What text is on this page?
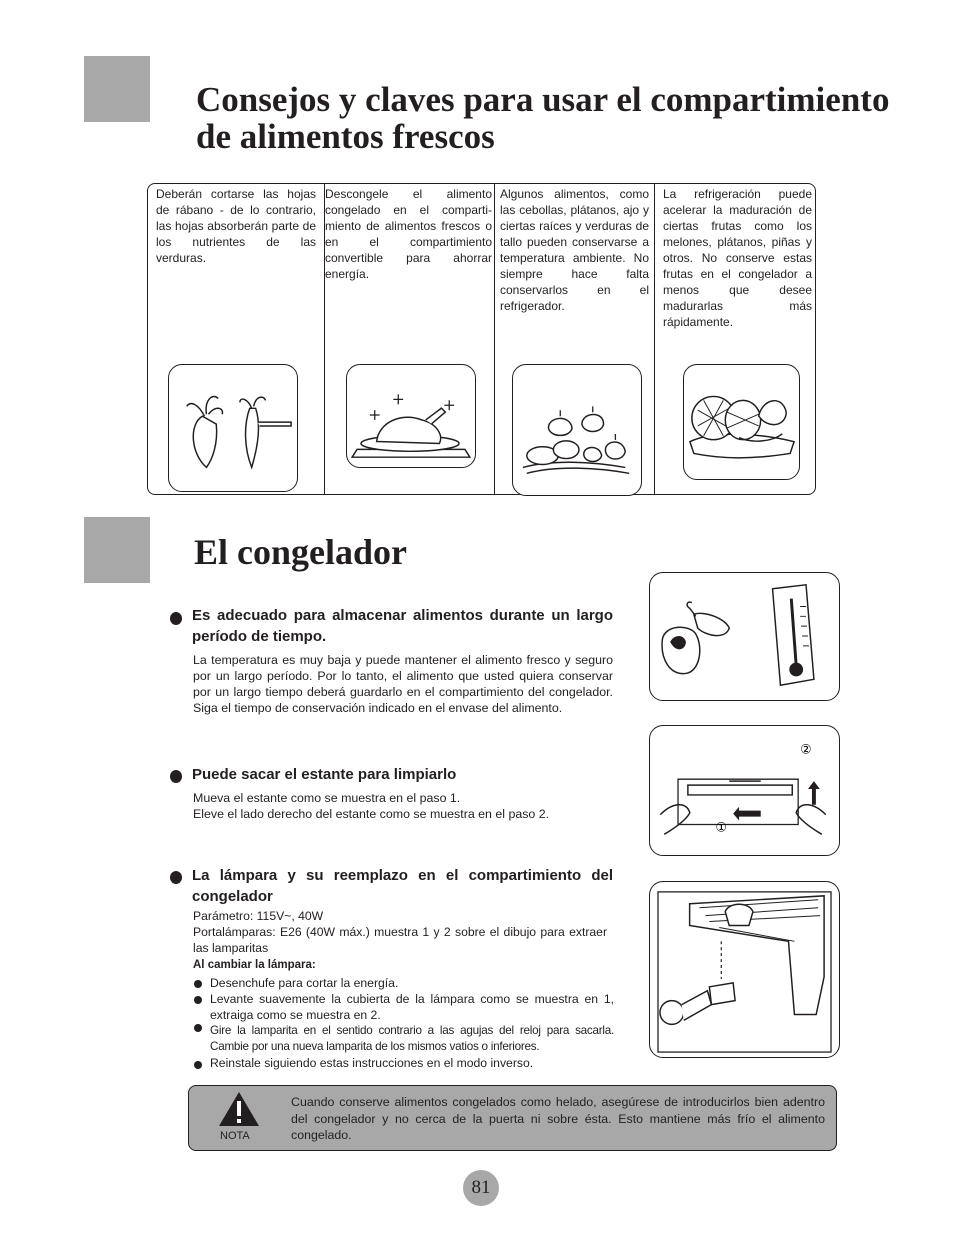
Consejos y claves para usar el compartimiento de alimentos frescos

Deberán cortarse las hojas de rábano - de lo contrario, las hojas absorberán parte de los nutrientes de las verduras.

Descongele el alimento congelado en el comparti-miento de alimentos frescos o en el compartimiento convertible para ahorrar energía.

Algunos alimentos, como las cebollas, plátanos, ajo y ciertas raíces y verduras de tallo pueden conservarse a temperatura ambiente. No siempre hace falta conservarlos en el refrigerador.

La refrigeración puede acelerar la maduración de ciertas frutas como los melones, plátanos, piñas y otros. No conserve estas frutas en el congelador a menos que desee madurarlas más rápidamente.

El congelador

Es adecuado para almacenar alimentos durante un largo período de tiempo.

La temperatura es muy baja y puede mantener el alimento fresco y seguro por un largo período. Por lo tanto, el alimento que usted quiera conservar por un largo tiempo deberá guardarlo en el compartimiento del congelador. Siga el tiempo de conservación indicado en el envase del alimento.

Puede sacar el estante para limpiarlo

Mueva el estante como se muestra en el paso 1.

Eleve el lado derecho del estante como se muestra en el paso 2.

①
②

La lámpara y su reemplazo en el compartimiento del congelador

Parámetro: 115V~, 40W

Portalámparas: E26 (40W máx.) muestra 1 y 2 sobre el dibujo para extraer las lamparitas

Al cambiar la lámpara:

Desenchufe para cortar la energía.

Levante suavemente la cubierta de la lámpara como se muestra en 1, extraiga como se muestra en 2.

Gire la lamparita en el sentido contrario a las agujas del reloj para sacarla. Cambie por una nueva lamparita de los mismos vatios o inferiores.

Reinstale siguiendo estas instrucciones en el modo inverso.

NOTA

Cuando conserve alimentos congelados como helado, asegúrese de introducirlos bien adentro del congelador y no cerca de la puerta ni sobre ésta. Esto mantiene más frío el alimento congelado.

81
